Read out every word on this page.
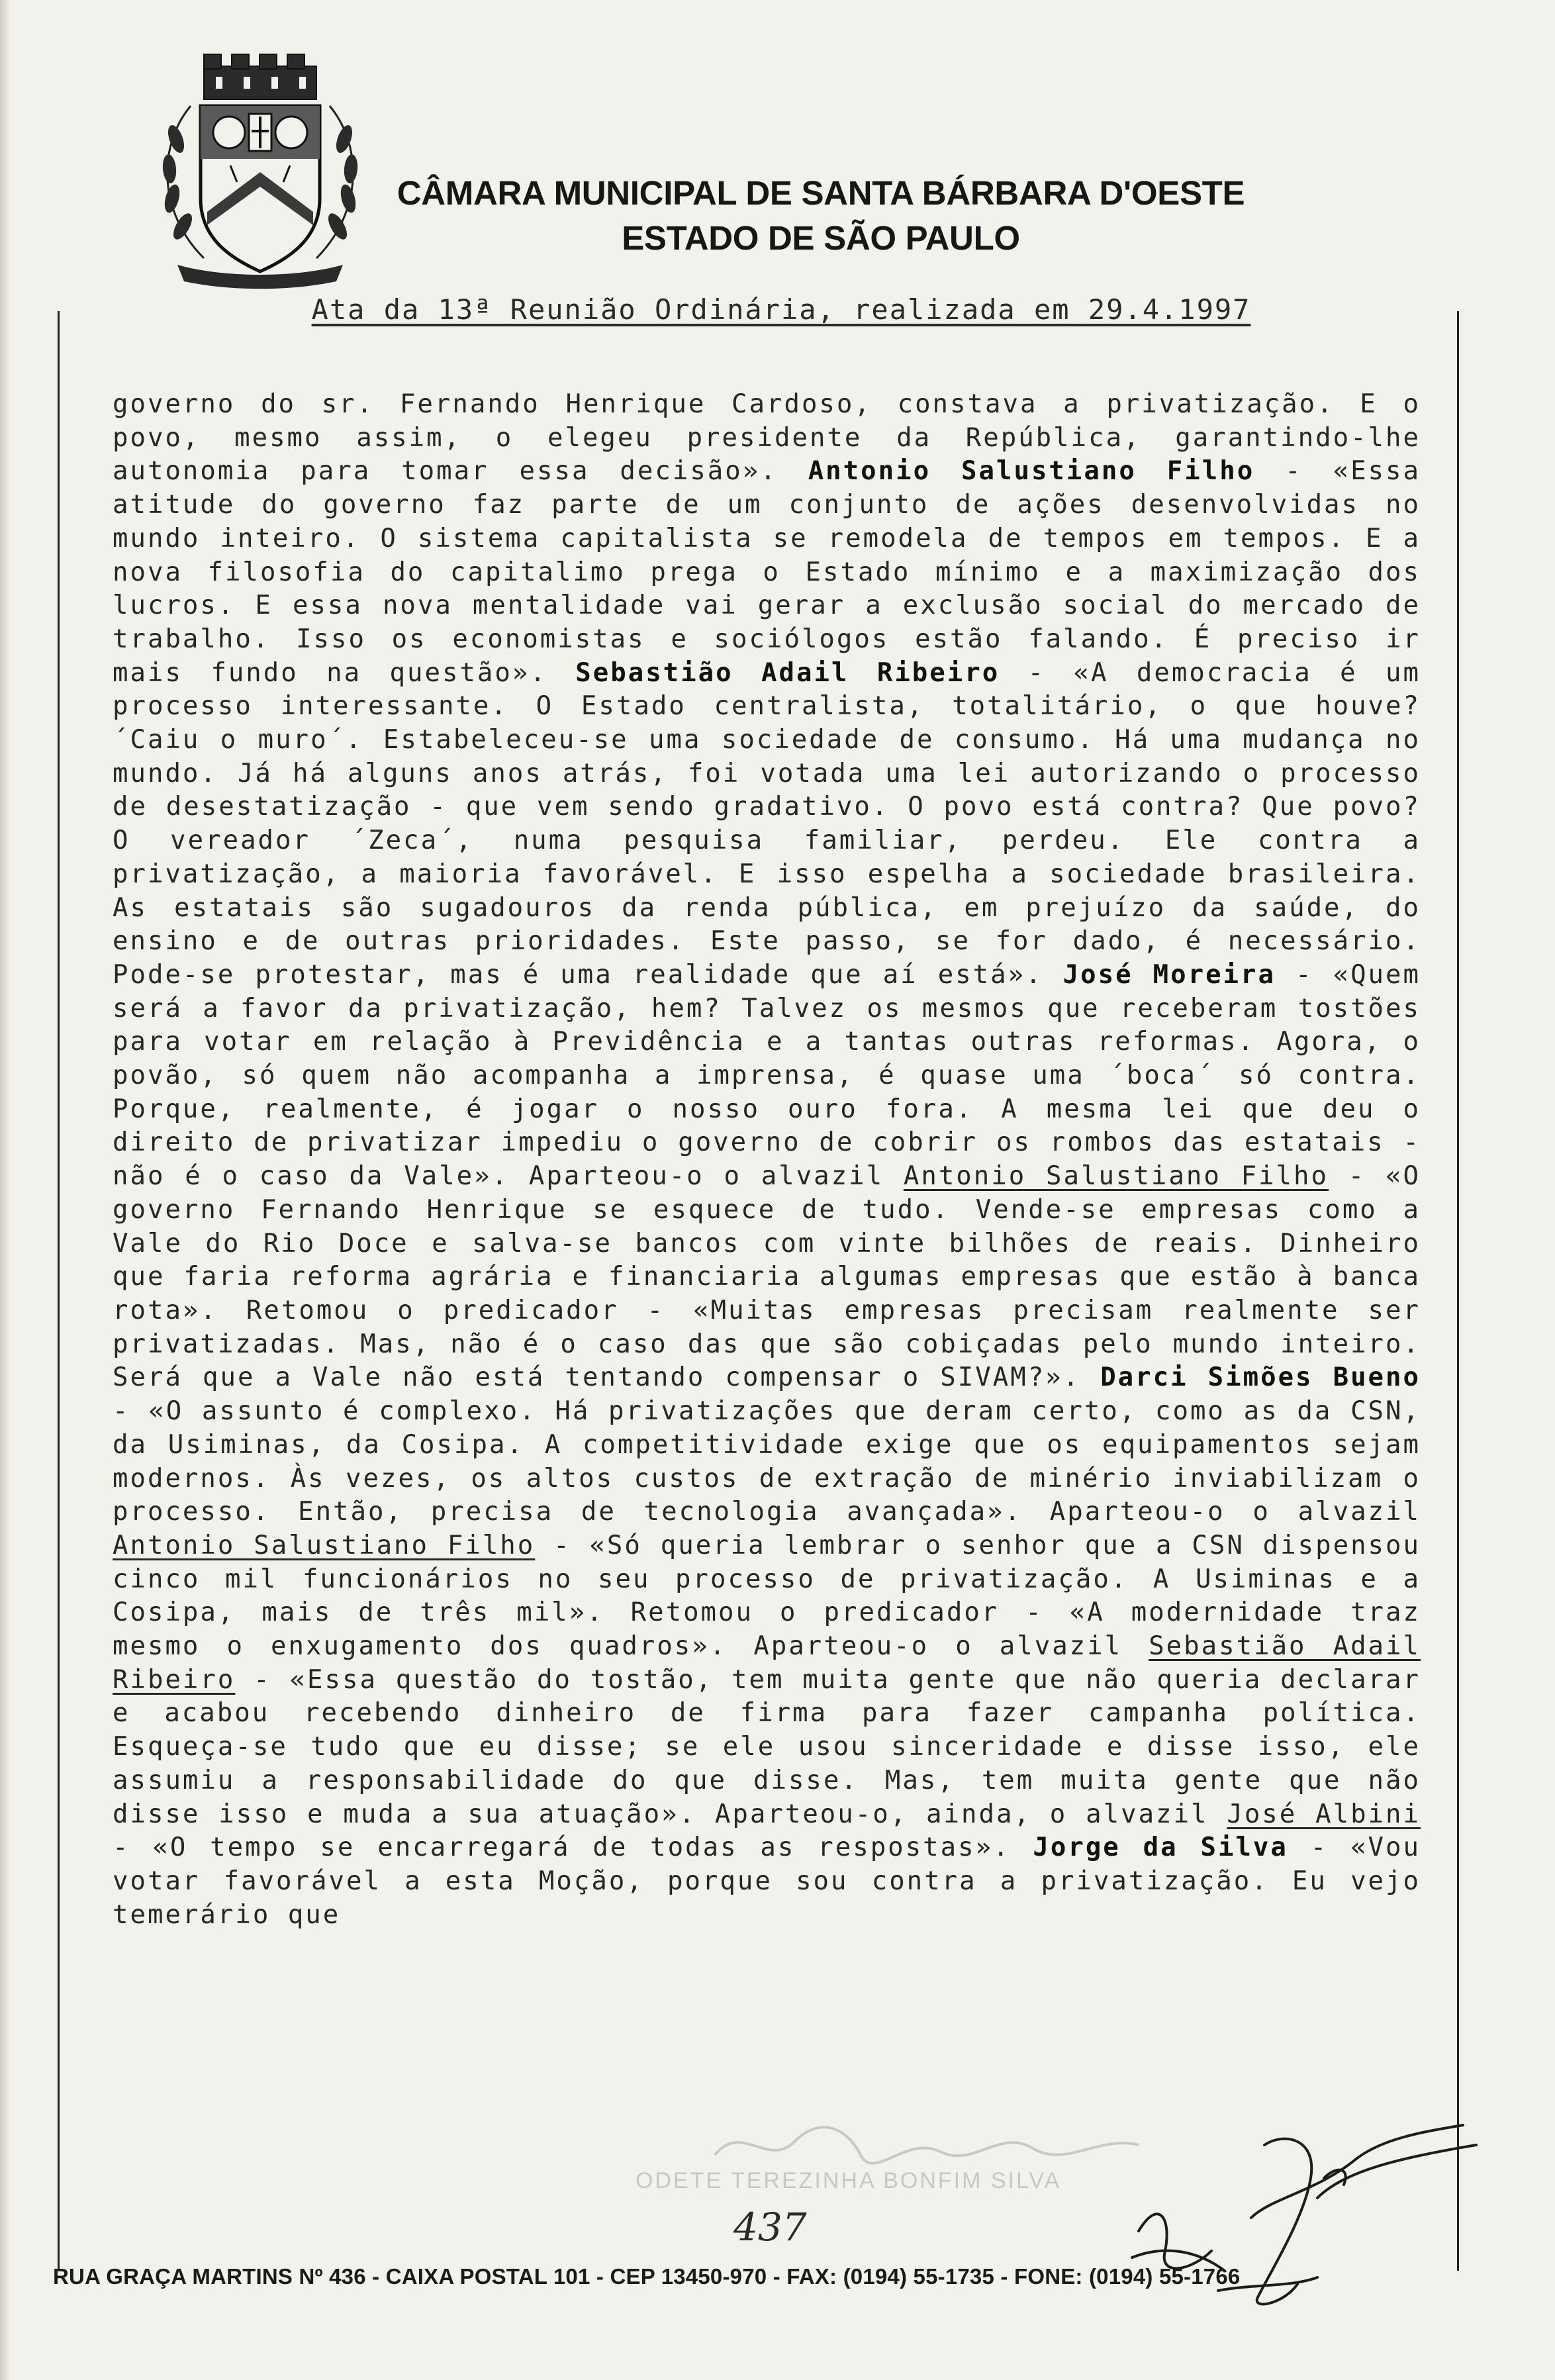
CÂMARA MUNICIPAL DE SANTA BÁRBARA D'OESTE
ESTADO DE SÃO PAULO
Ata da 13ª Reunião Ordinária, realizada em 29.4.1997

governo do sr. Fernando Henrique Cardoso, constava a privatização. E o povo, mesmo assim, o elegeu presidente da República, garantindo-lhe autonomia para tomar essa decisão». Antonio Salustiano Filho - «Essa atitude do governo faz parte de um conjunto de ações desenvolvidas no mundo inteiro. O sistema capitalista se remodela de tempos em tempos. E a nova filosofia do capitalimo prega o Estado mínimo e a maximização dos lucros. E essa nova mentalidade vai gerar a exclusão social do mercado de trabalho. Isso os economistas e sociólogos estão falando. É preciso ir mais fundo na questão». Sebastião Adail Ribeiro - «A democracia é um processo interessante. O Estado centralista, totalitário, o que houve? ´Caiu o muro´. Estabeleceu-se uma sociedade de consumo. Há uma mudança no mundo. Já há alguns anos atrás, foi votada uma lei autorizando o processo de desestatização - que vem sendo gradativo. O povo está contra? Que povo? O vereador ´Zeca´, numa pesquisa familiar, perdeu. Ele contra a privatização, a maioria favorável. E isso espelha a sociedade brasileira. As estatais são sugadouros da renda pública, em prejuízo da saúde, do ensino e de outras prioridades. Este passo, se for dado, é necessário. Pode-se protestar, mas é uma realidade que aí está». José Moreira - «Quem será a favor da privatização, hem? Talvez os mesmos que receberam tostões para votar em relação à Previdência e a tantas outras reformas. Agora, o povão, só quem não acompanha a imprensa, é quase uma ´boca´ só contra. Porque, realmente, é jogar o nosso ouro fora. A mesma lei que deu o direito de privatizar impediu o governo de cobrir os rombos das estatais - não é o caso da Vale». Aparteou-o o alvazil Antonio Salustiano Filho - «O governo Fernando Henrique se esquece de tudo. Vende-se empresas como a Vale do Rio Doce e salva-se bancos com vinte bilhões de reais. Dinheiro que faria reforma agrária e financiaria algumas empresas que estão à banca rota». Retomou o predicador - «Muitas empresas precisam realmente ser privatizadas. Mas, não é o caso das que são cobiçadas pelo mundo inteiro. Será que a Vale não está tentando compensar o SIVAM?». Darci Simões Bueno - «O assunto é complexo. Há privatizações que deram certo, como as da CSN, da Usiminas, da Cosipa. A competitividade exige que os equipamentos sejam modernos. Às vezes, os altos custos de extração de minério inviabilizam o processo. Então, precisa de tecnologia avançada». Aparteou-o o alvazil Antonio Salustiano Filho - «Só queria lembrar o senhor que a CSN dispensou cinco mil funcionários no seu processo de privatização. A Usiminas e a Cosipa, mais de três mil». Retomou o predicador - «A modernidade traz mesmo o enxugamento dos quadros». Aparteou-o o alvazil Sebastião Adail Ribeiro - «Essa questão do tostão, tem muita gente que não queria declarar e acabou recebendo dinheiro de firma para fazer campanha política. Esqueça-se tudo que eu disse; se ele usou sinceridade e disse isso, ele assumiu a responsabilidade do que disse. Mas, tem muita gente que não disse isso e muda a sua atuação». Aparteou-o, ainda, o alvazil José Albini - «O tempo se encarregará de todas as respostas». Jorge da Silva - «Vou votar favorável a esta Moção, porque sou contra a privatização. Eu vejo temerário que

ODETE TEREZINHA BONFIM SILVA
437
RUA GRAÇA MARTINS Nº 436 - CAIXA POSTAL 101 - CEP 13450-970 - FAX: (0194) 55-1735 - FONE: (0194) 55-1766
